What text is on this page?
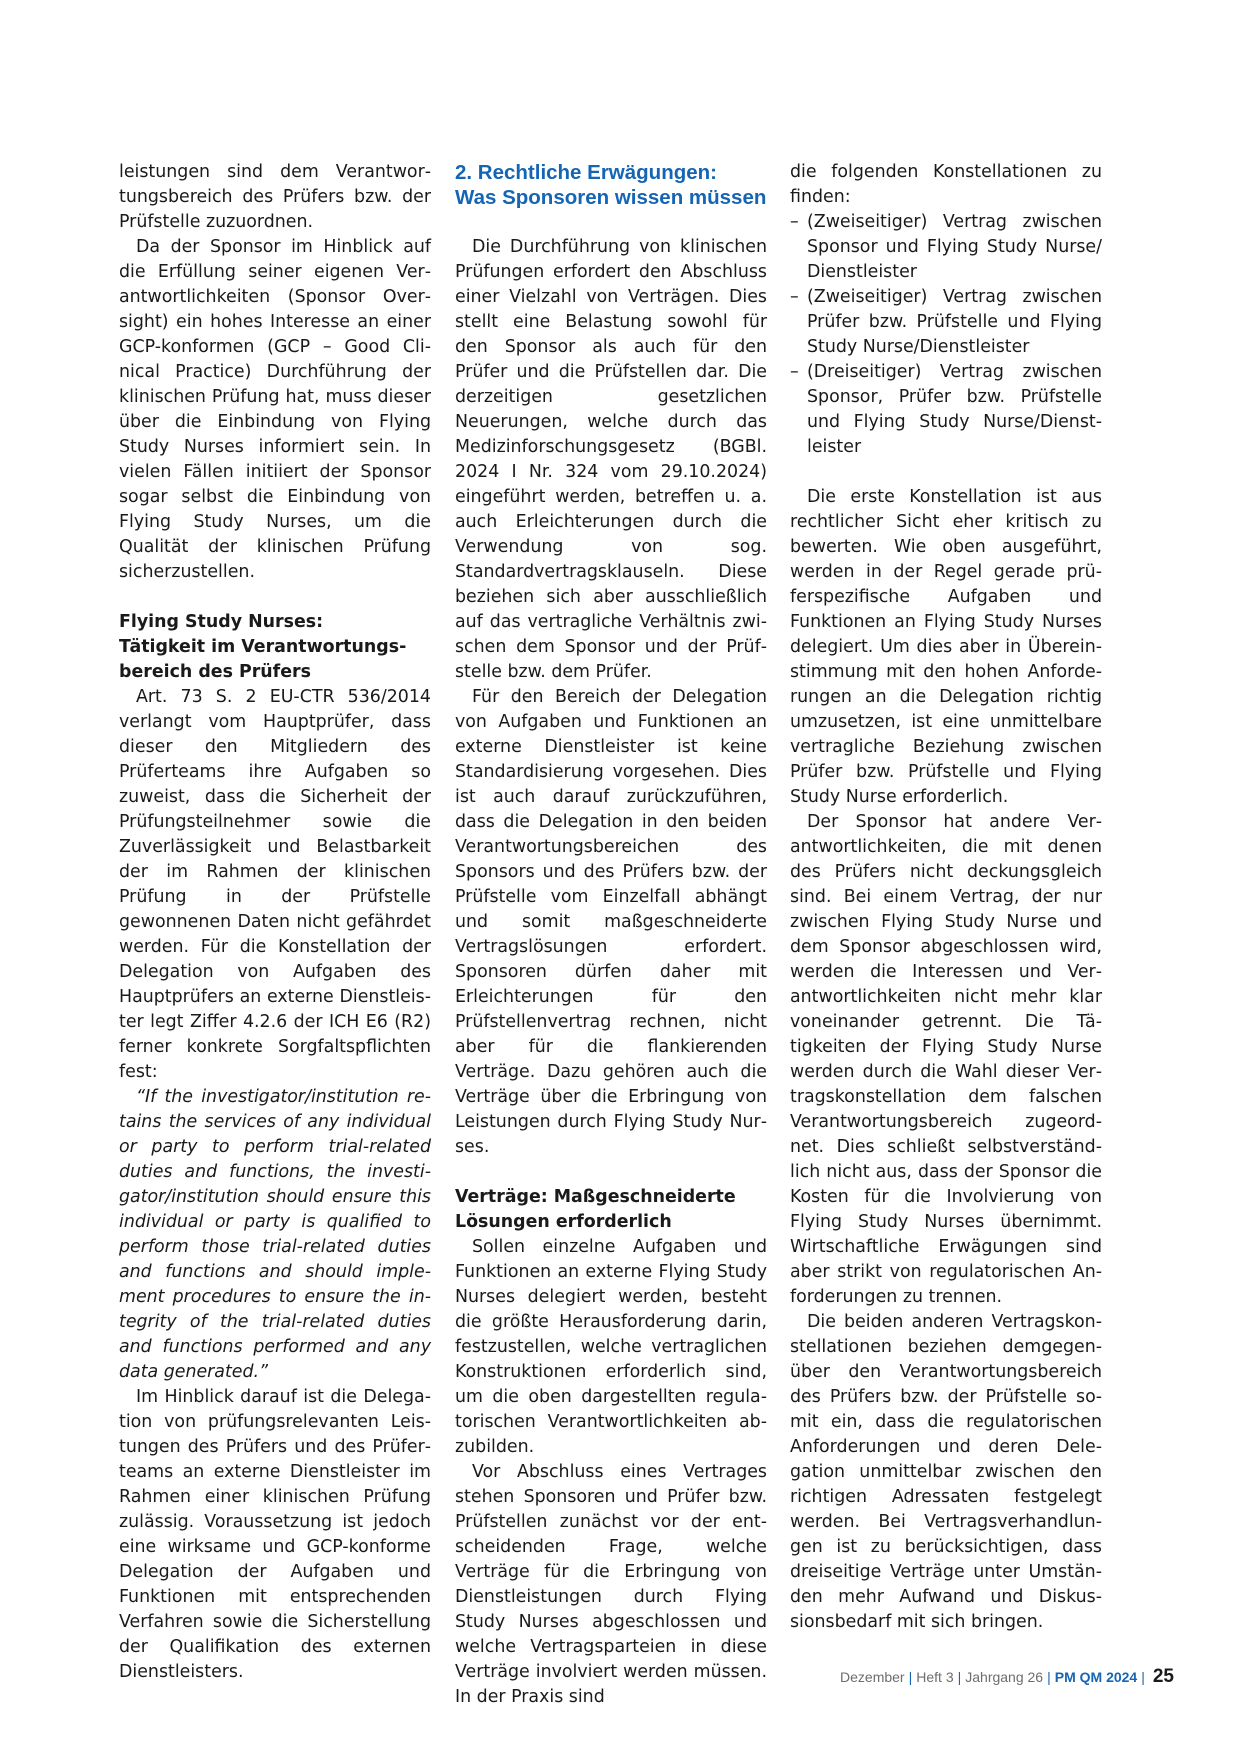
leistungen sind dem Verantwortungsbereich des Prüfers bzw. der Prüfstelle zuzuordnen.

Da der Sponsor im Hinblick auf die Erfüllung seiner eigenen Verantwortlichkeiten (Sponsor Oversight) ein hohes Interesse an einer GCP-konformen (GCP – Good Clinical Practice) Durchführung der klinischen Prüfung hat, muss dieser über die Einbindung von Flying Study Nurses informiert sein. In vielen Fällen initiiert der Sponsor sogar selbst die Einbindung von Flying Study Nurses, um die Qualität der klinischen Prüfung sicherzustellen.

Flying Study Nurses:
Tätigkeit im Verantwortungsbereich des Prüfers

Art. 73 S. 2 EU-CTR 536/2014 verlangt vom Hauptprüfer, dass dieser den Mitgliedern des Prüferteams ihre Aufgaben so zuweist, dass die Sicherheit der Prüfungsteilnehmer sowie die Zuverlässigkeit und Belastbarkeit der im Rahmen der klinischen Prüfung in der Prüfstelle gewonnenen Daten nicht gefährdet werden. Für die Konstellation der Delegation von Aufgaben des Hauptprüfers an externe Dienstleister legt Ziffer 4.2.6 der ICH E6 (R2) ferner konkrete Sorgfaltspflichten fest:

“If the investigator/institution retains the services of any individual or party to perform trial-related duties and functions, the investigator/institution should ensure this individual or party is qualified to perform those trial-related duties and functions and should implement procedures to ensure the integrity of the trial-related duties and functions performed and any data generated.”

Im Hinblick darauf ist die Delegation von prüfungsrelevanten Leistungen des Prüfers und des Prüferteams an externe Dienstleister im Rahmen einer klinischen Prüfung zulässig. Voraussetzung ist jedoch eine wirksame und GCP-konforme Delegation der Aufgaben und Funktionen mit entsprechenden Verfahren sowie die Sicherstellung der Qualifikation des externen Dienstleisters.

2. Rechtliche Erwägungen:
Was Sponsoren wissen müssen

Die Durchführung von klinischen Prüfungen erfordert den Abschluss einer Vielzahl von Verträgen. Dies stellt eine Belastung sowohl für den Sponsor als auch für den Prüfer und die Prüfstellen dar. Die derzeitigen gesetzlichen Neuerungen, welche durch das Medizinforschungsgesetz (BGBl. 2024 I Nr. 324 vom 29.10.2024) eingeführt werden, betreffen u. a. auch Erleichterungen durch die Verwendung von sog. Standardvertragsklauseln. Diese beziehen sich aber ausschließlich auf das vertragliche Verhältnis zwischen dem Sponsor und der Prüfstelle bzw. dem Prüfer.

Für den Bereich der Delegation von Aufgaben und Funktionen an externe Dienstleister ist keine Standardisierung vorgesehen. Dies ist auch darauf zurückzuführen, dass die Delegation in den beiden Verantwortungsbereichen des Sponsors und des Prüfers bzw. der Prüfstelle vom Einzelfall abhängt und somit maßgeschneiderte Vertragslösungen erfordert. Sponsoren dürfen daher mit Erleichterungen für den Prüfstellenvertrag rechnen, nicht aber für die flankierenden Verträge. Dazu gehören auch die Verträge über die Erbringung von Leistungen durch Flying Study Nurses.

Verträge: Maßgeschneiderte
Lösungen erforderlich

Sollen einzelne Aufgaben und Funktionen an externe Flying Study Nurses delegiert werden, besteht die größte Herausforderung darin, festzustellen, welche vertraglichen Konstruktionen erforderlich sind, um die oben dargestellten regulatorischen Verantwortlichkeiten abzubilden.

Vor Abschluss eines Vertrages stehen Sponsoren und Prüfer bzw. Prüfstellen zunächst vor der entscheidenden Frage, welche Verträge für die Erbringung von Dienstleistungen durch Flying Study Nurses abgeschlossen und welche Vertragsparteien in diese Verträge involviert werden müssen. In der Praxis sind

die folgenden Konstellationen zu finden:

– (Zweiseitiger) Vertrag zwischen Sponsor und Flying Study Nurse/ Dienstleister
– (Zweiseitiger) Vertrag zwischen Prüfer bzw. Prüfstelle und Flying Study Nurse/Dienstleister
– (Dreiseitiger) Vertrag zwischen Sponsor, Prüfer bzw. Prüfstelle und Flying Study Nurse/Dienstleister

Die erste Konstellation ist aus rechtlicher Sicht eher kritisch zu bewerten. Wie oben ausgeführt, werden in der Regel gerade prüferspezifische Aufgaben und Funktionen an Flying Study Nurses delegiert. Um dies aber in Übereinstimmung mit den hohen Anforderungen an die Delegation richtig umzusetzen, ist eine unmittelbare vertragliche Beziehung zwischen Prüfer bzw. Prüfstelle und Flying Study Nurse erforderlich.

Der Sponsor hat andere Verantwortlichkeiten, die mit denen des Prüfers nicht deckungsgleich sind. Bei einem Vertrag, der nur zwischen Flying Study Nurse und dem Sponsor abgeschlossen wird, werden die Interessen und Verantwortlichkeiten nicht mehr klar voneinander getrennt. Die Tätigkeiten der Flying Study Nurse werden durch die Wahl dieser Vertragskonstellation dem falschen Verantwortungsbereich zugeordnet. Dies schließt selbstverständlich nicht aus, dass der Sponsor die Kosten für die Involvierung von Flying Study Nurses übernimmt. Wirtschaftliche Erwägungen sind aber strikt von regulatorischen Anforderungen zu trennen.

Die beiden anderen Vertragskonstellationen beziehen demgegenüber den Verantwortungsbereich des Prüfers bzw. der Prüfstelle somit ein, dass die regulatorischen Anforderungen und deren Delegation unmittelbar zwischen den richtigen Adressaten festgelegt werden. Bei Vertragsverhandlungen ist zu berücksichtigen, dass dreiseitige Verträge unter Umständen mehr Aufwand und Diskussionsbedarf mit sich bringen.

Dezember | Heft 3 | Jahrgang 26 | PM QM 2024 | 25
